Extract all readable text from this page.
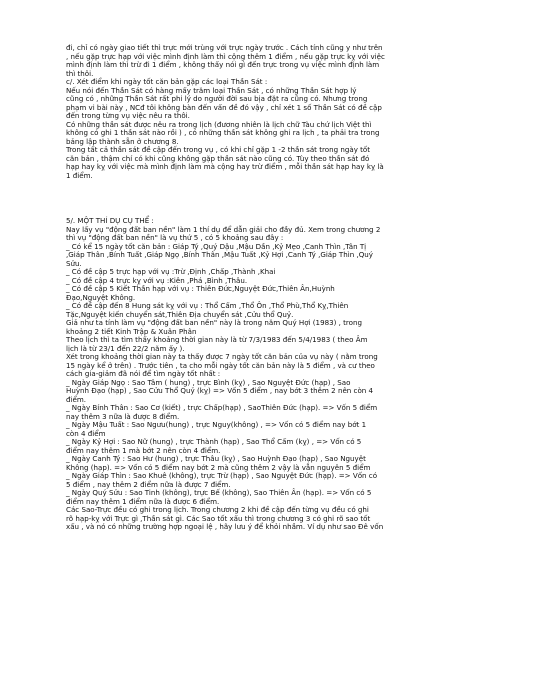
đi, chỉ có ngày giao tiết thì trực mới trùng với trực ngày trước . Cách tính cũng y như trên
, nếu gặp trực hạp với việc mình định làm thì cộng thêm 1 điểm , nếu gặp trực kỵ với việc
mình định làm thì trừ đi 1 điểm , không thấy nói gì đến trực trong vụ việc mình định làm
thì thôi.

c/. Xét điểm khi ngày tốt căn bản gặp các loại Thần Sát :

Nếu nói đến Thần Sát có hàng mấy trăm loại Thần Sát , có những Thần Sát hợp lý
cũng có , những Thần Sát rất phi lý do người đời sau bịa đặt ra cũng có. Nhưng trong
phạm vi bài này , NCđ tôi không bàn đến vấn đề đó vậy , chỉ xét 1 số Thần Sát có đề cập
đến trong từng vụ việc nêu ra thôi.

Có những thần sát được nêu ra trong lịch (đương nhiên là lịch chữ Tàu chứ lịch Việt thì
không có ghi 1 thần sát nào rồi ) , có những thần sát không ghi ra lịch , ta phải tra trong
bảng lập thành sẵn ở chương 8.

Trong tất cả thần sát đề cập đến trong vụ , có khi chỉ gặp 1 -2 thần sát trong ngày tốt
căn bản , thậm chí có khi cũng không gặp thần sát nào cũng có. Tùy theo thần sát đó
hạp hay kỵ với việc mà mình định làm mà cộng hay trừ điểm , mỗi thần sát hạp hay kỵ là
1 điểm.

5/. MỘT THÍ DỤ CỤ THỂ :

Nay lấy vụ "động đất ban nền" làm 1 thí dụ để dẫn giải cho đầy đủ. Xem trong chương 2
thì vụ "động đất ban nền" là vụ thứ 5 , có 5 khoảng sau đây :

_ Có kể 15 ngày tốt căn bản : Giáp Tý ,Quý Dậu ,Mậu Dần ,Kỷ Mẹo ,Canh Thìn ,Tân Tị
,Giáp Thân ,Bính Tuất ,Giáp Ngọ ,Bính Thân ,Mậu Tuất ,Kỷ Hợi ,Canh Tý ,Giáp Thìn ,Quý
Sửu.

_ Có đề cập 5 trực hạp với vụ :Trừ ,Định ,Chấp ,Thành ,Khai

_ Có đề cập 4 trực kỵ với vụ :Kiên ,Phá ,Bình ,Thâu.

_ Có đề cập 5 Kiết Thần hạp với vụ : Thiên Đức,Nguyệt Đức,Thiên Ân,Huỳnh
Đạo,Nguyệt Không.

_ Có đề cập đến 8 Hung sát kỵ với vụ : Thổ Cấm ,Thổ Ôn ,Thổ Phù,Thổ Kỵ,Thiên
Tặc,Nguyệt kiến chuyển sát,Thiên Địa chuyển sát ,Cửu thổ Quỷ.

Giả như ta tính làm vụ "động đất ban nền" này là trong năm Quý Hợi (1983) , trong
khoảng 2 tiết Kinh Trập & Xuân Phân
Theo lịch thì ta tìm thấy khoảng thời gian này là từ 7/3/1983 đến 5/4/1983 ( theo Âm
lịch là từ 23/1 đến 22/2 năm ấy ).

Xét trong khoảng thời gian này ta thấy được 7 ngày tốt căn bản của vụ này ( nằm trong
15 ngày kể ở trên) . Trước tiên , ta cho mỗi ngày tốt căn bản này là 5 điểm , và cư theo
cách gia-giảm đã nói để tìm ngày tốt nhất :

_ Ngày Giáp Ngọ : Sao Tâm ( hung) , trực Bình (kỵ) , Sao Nguyệt Đức (hạp) , Sao
Huỳnh Đạo (hạp) , Sao Cửu Thổ Quỷ (kỵ) => Vốn 5 điểm , nay bớt 3 thêm 2 nên còn 4
điểm.

_ Ngày Bính Thân : Sao Cơ (kiết) , trực Chấp(hạp) , SaoThiên Đức (hạp). => Vốn 5 điểm
nay thêm 3 nữa là được 8 điểm.

_ Ngày Mậu Tuất : Sao Ngưu(hung) , trực Nguy(không) , => Vốn có 5 điểm nay bớt 1
còn 4 điểm

_ Ngày Kỷ Hợi : Sao Nữ (hung) , trực Thành (hạp) , Sao Thổ Cấm (kỵ) , => Vốn có 5
điểm nay thêm 1 mà bớt 2 nên còn 4 điểm.

_ Ngày Canh Tý : Sao Hư (hung) , trực Thâu (kỵ) , Sao Huỳnh Đạo (hạp) , Sao Nguyệt
Không (hạp). => Vốn có 5 điểm nay bớt 2 mà cũng thêm 2 vậy là vẫn nguyên 5 điểm

_ Ngày Giáp Thìn : Sao Khuê (không), trực Trừ (hạp) , Sao Nguyệt Đức (hạp). => Vốn có
5 điểm , nay thêm 2 điểm nữa là được 7 điểm.

_ Ngày Quý Sửu : Sao Tinh (không), trực Bế (không), Sao Thiên Ân (hạp). => Vốn có 5
điểm nay thêm 1 điểm nữa là được 6 điểm.

Các Sao-Trực đều có ghi trong lịch. Trong chương 2 khi đề cập đến từng vụ đều có ghi
rõ hạp-kỵ với Trực gì ,Thần sát gì. Các Sao tốt xấu thì trong chương 3 có ghi rõ sao tốt
xấu , và nó có những trường hợp ngoại lệ , hãy lưu ý để khỏi nhầm. Ví dụ như sao Đê vốn
